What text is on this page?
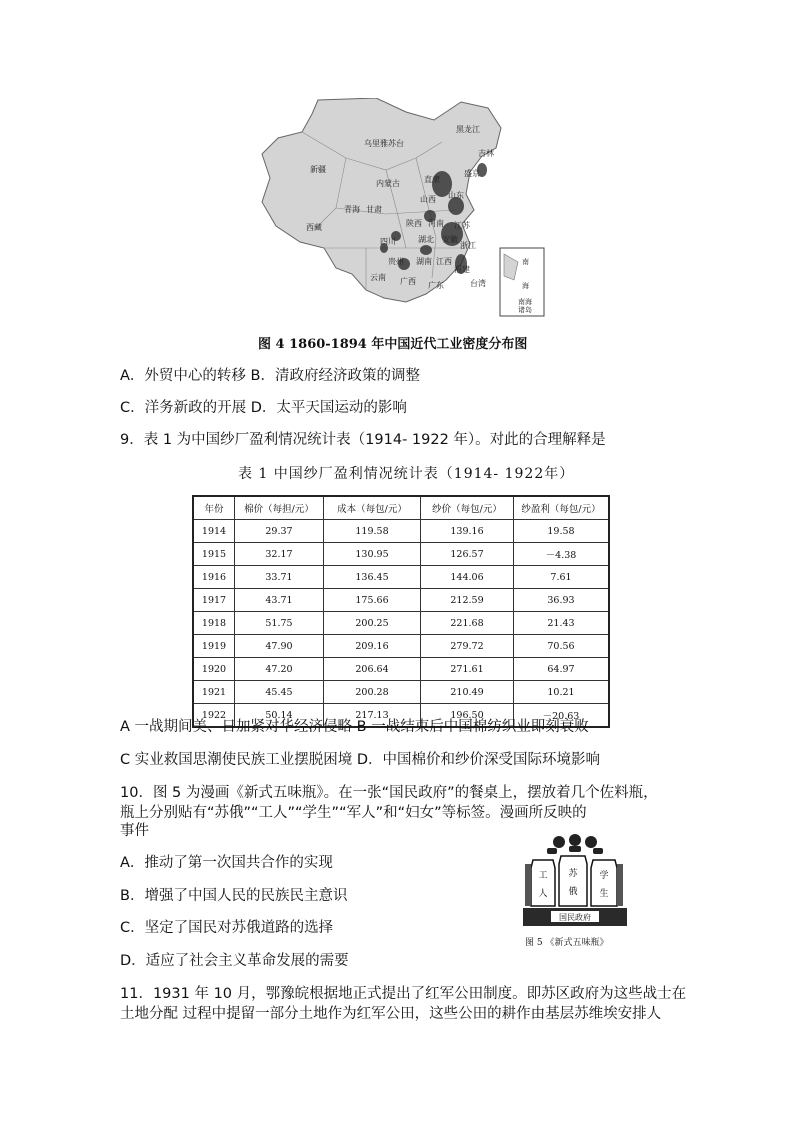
乌里雅苏台
黑龙江
吉林
新疆
内蒙古	直隶
盛京
山西 山东
青海 甘肃
陕西 河南 江苏
西藏
四川	湖北 安徽
浙江
贵州 湖南 江西
福建
云南 广西 广东	台湾
南
海
南海
诸岛
图 4 1860-1894 年中国近代工业密度分布图
A．外贸中心的转移 B．清政府经济政策的调整
C．洋务新政的开展 D．太平天国运动的影响
9．表 1 为中国纱厂盈利情况统计表（1914- 1922 年）。对此的合理解释是
表 1 中国纱厂盈利情况统计表（1914- 1922年）
年份	棉价（每担/元）	成本（每包/元）	纱价（每包/元）	纱盈利（每包/元）
1914	29.37	119.58	139.16	19.58
1915	32.17	130.95	126.57	－4.38
1916	33.71	136.45	144.06	7.61
1917	43.71	175.66	212.59	36.93
1918	51.75	200.25	221.68	21.43
1919	47.90	209.16	279.72	70.56
1920	47.20	206.64	271.61	64.97
1921	45.45	200.28	210.49	10.21
1922	50.14	217.13	196.50	－20.63
A 一战期间美、日加紧对华经济侵略 B 一战结束后中国棉纺织业即刻衰败
C 实业救国思潮使民族工业摆脱困境 D．中国棉价和纱价深受国际环境影响
10．图 5 为漫画《新式五味瓶》。在一张“国民政府”的餐桌上，摆放着几个佐料瓶，
瓶上分别贴有“苏俄”“工人”“学生”“军人”和“妇女”等标签。漫画所反映的
事件
A．推动了第一次国共合作的实现
B．增强了中国人民的民族民主意识
C．坚定了国民对苏俄道路的选择
D．适应了社会主义革命发展的需要
工
人
苏
俄
学
生
国民政府
图 5 《新式五味瓶》
11．1931 年 10 月，鄂豫皖根据地正式提出了红军公田制度。即苏区政府为这些战士在
土地分配 过程中提留一部分土地作为红军公田，这些公田的耕作由基层苏维埃安排人
